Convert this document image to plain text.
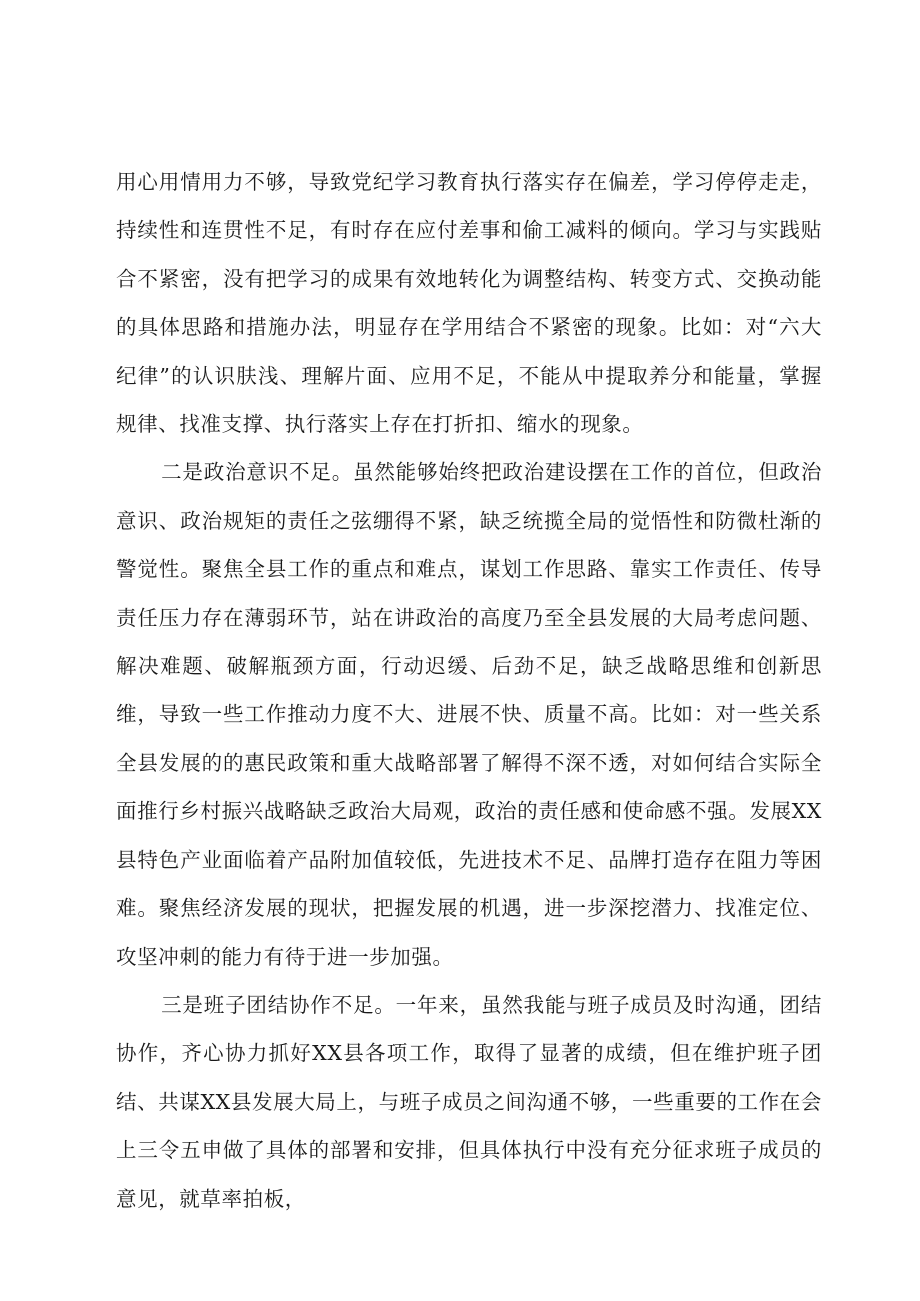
用心用情用力不够，导致党纪学习教育执行落实存在偏差，学习停停走走，持续性和连贯性不足，有时存在应付差事和偷工减料的倾向。学习与实践贴合不紧密，没有把学习的成果有效地转化为调整结构、转变方式、交换动能的具体思路和措施办法，明显存在学用结合不紧密的现象。比如：对“六大纪律”的认识肤浅、理解片面、应用不足，不能从中提取养分和能量，掌握规律、找准支撑、执行落实上存在打折扣、缩水的现象。

二是政治意识不足。虽然能够始终把政治建设摆在工作的首位，但政治意识、政治规矩的责任之弦绷得不紧，缺乏统揽全局的觉悟性和防微杜渐的警觉性。聚焦全县工作的重点和难点，谋划工作思路、靠实工作责任、传导责任压力存在薄弱环节，站在讲政治的高度乃至全县发展的大局考虑问题、解决难题、破解瓶颈方面，行动迟缓、后劲不足，缺乏战略思维和创新思维，导致一些工作推动力度不大、进展不快、质量不高。比如：对一些关系全县发展的的惠民政策和重大战略部署了解得不深不透，对如何结合实际全面推行乡村振兴战略缺乏政治大局观，政治的责任感和使命感不强。发展XX县特色产业面临着产品附加值较低，先进技术不足、品牌打造存在阻力等困难。聚焦经济发展的现状，把握发展的机遇，进一步深挖潜力、找准定位、攻坚冲刺的能力有待于进一步加强。

三是班子团结协作不足。一年来，虽然我能与班子成员及时沟通，团结协作，齐心协力抓好XX县各项工作，取得了显著的成绩，但在维护班子团结、共谋XX县发展大局上，与班子成员之间沟通不够，一些重要的工作在会上三令五申做了具体的部署和安排，但具体执行中没有充分征求班子成员的意见，就草率拍板，
